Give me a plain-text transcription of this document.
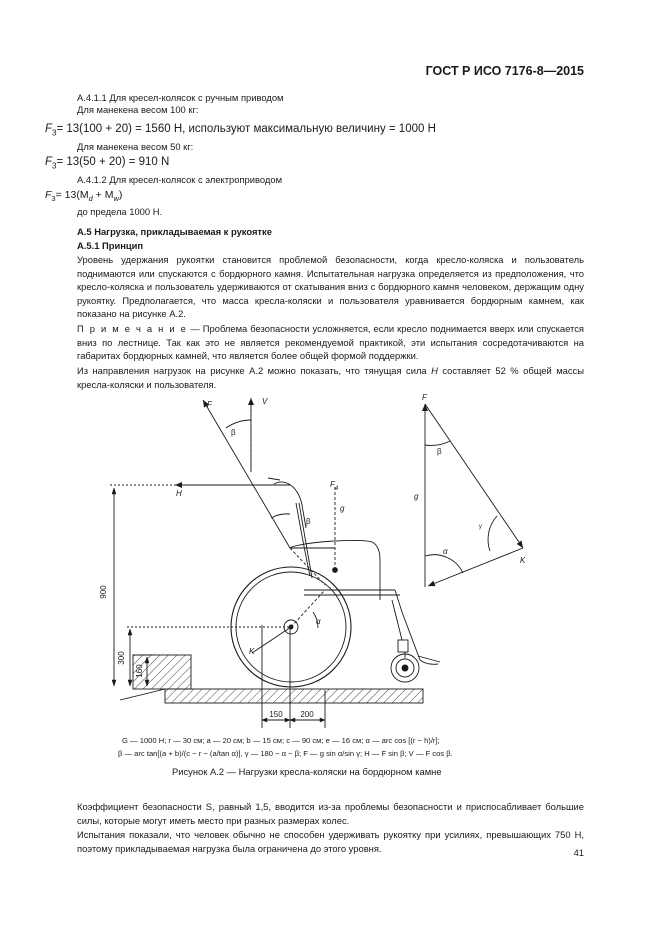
ГОСТ Р ИСО 7176-8—2015
А.4.1.1 Для кресел-колясок с ручным приводом
Для манекена весом 100 кг:
$F_3= 13(100 + 20) = 1560$ Н, используют максимальную величину = 1000 Н
Для манекена весом 50 кг:
$F_3= 13(50 + 20) = 910$ N
А.4.1.2 Для кресел-колясок с электроприводом
$F_3= 13(M_d + M_w)$
до предела 1000 Н.
А.5 Нагрузка, прикладываемая к рукоятке
А.5.1 Принцип
Уровень удержания рукоятки становится проблемой безопасности, когда кресло-коляска и пользователь поднимаются или спускаются с бордюрного камня. Испытательная нагрузка определяется из предположения, что кресло-коляска и пользователь удерживаются от скатывания вниз с бордюрного камня человеком, держащим одну рукоятку. Предполагается, что масса кресла-коляски и пользователя уравнивается бордюрным камнем, как показано на рисунке А.2.
П р и м е ч а н и е — Проблема безопасности усложняется, если кресло поднимается вверх или спускается вниз по лестнице. Так как это не является рекомендуемой практикой, эти испытания сосредотачиваются на габаритах бордюрных камней, что является более общей формой поддержки.
Из направления нагрузок на рисунке А.2 можно показать, что тянущая сила H составляет 52 % общей массы кресла-коляски и пользователя.
F	V
β
H
$F_4$
g
β
α
K
900
300
160
150 200
F
β
g
α
γ
K
G — 1000 Н; r — 30 см; a — 20 см; b — 15 см; c — 90 см; e — 16 см; α — arc cos [(r − h)/r];
β — arc tan[(a + b)/(c − r − (a/tan α)], γ — 180 − α − β; F — g sin α/sin γ; H — F sin β; V — F cos β.
Рисунок А.2 — Нагрузки кресла-коляски на бордюрном камне
Коэффициент безопасности S, равный 1,5, вводится из-за проблемы безопасности и приспосабливает большие силы, которые могут иметь место при разных размерах колес.
Испытания показали, что человек обычно не способен удерживать рукоятку при усилиях, превышающих 750 Н, поэтому прикладываемая нагрузка была ограничена до этого уровня.	41
